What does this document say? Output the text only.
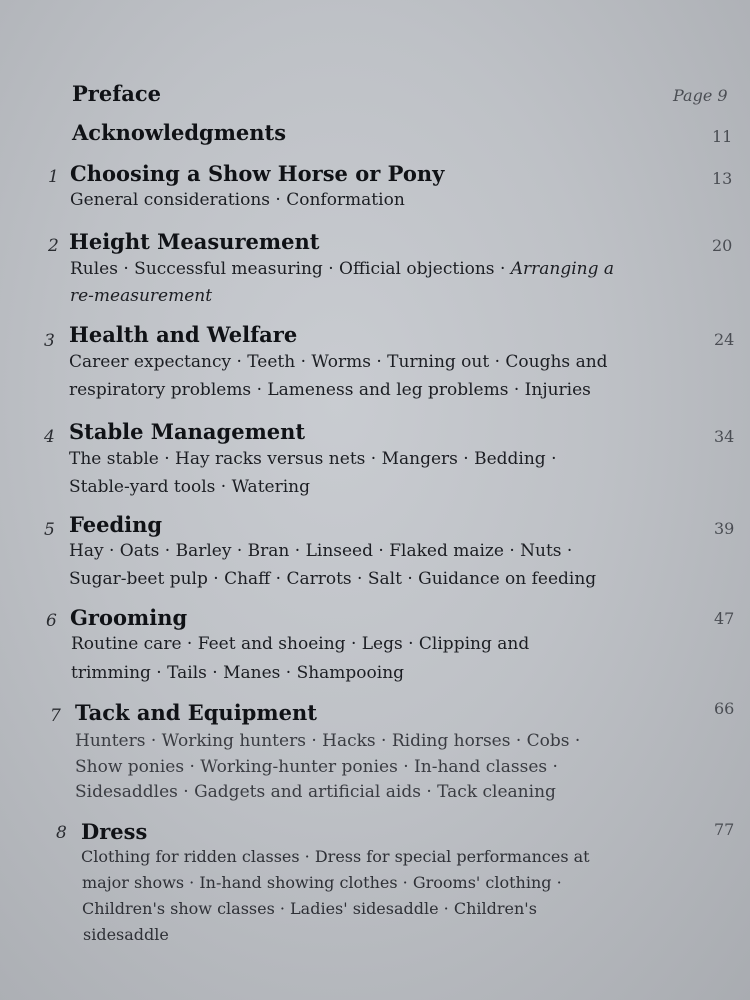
Preface	Page 9
Acknowledgments	11
1 Choosing a Show Horse or Pony	13
General considerations · Conformation
2 Height Measurement	20
Rules · Successful measuring · Official objections · Arranging a
re-measurement
3 Health and Welfare	24
Career expectancy · Teeth · Worms · Turning out · Coughs and
respiratory problems · Lameness and leg problems · Injuries
4 Stable Management	34
The stable · Hay racks versus nets · Mangers · Bedding ·
Stable-yard tools · Watering
5 Feeding	39
Hay · Oats · Barley · Bran · Linseed · Flaked maize · Nuts ·
Sugar-beet pulp · Chaff · Carrots · Salt · Guidance on feeding
6 Grooming	47
Routine care · Feet and shoeing · Legs · Clipping and
trimming · Tails · Manes · Shampooing
7 Tack and Equipment	66
Hunters · Working hunters · Hacks · Riding horses · Cobs ·
Show ponies · Working-hunter ponies · In-hand classes ·
Sidesaddles · Gadgets and artificial aids · Tack cleaning
8 Dress	77
Clothing for ridden classes · Dress for special performances at
major shows · In-hand showing clothes · Grooms' clothing ·
Children's show classes · Ladies' sidesaddle · Children's
sidesaddle
